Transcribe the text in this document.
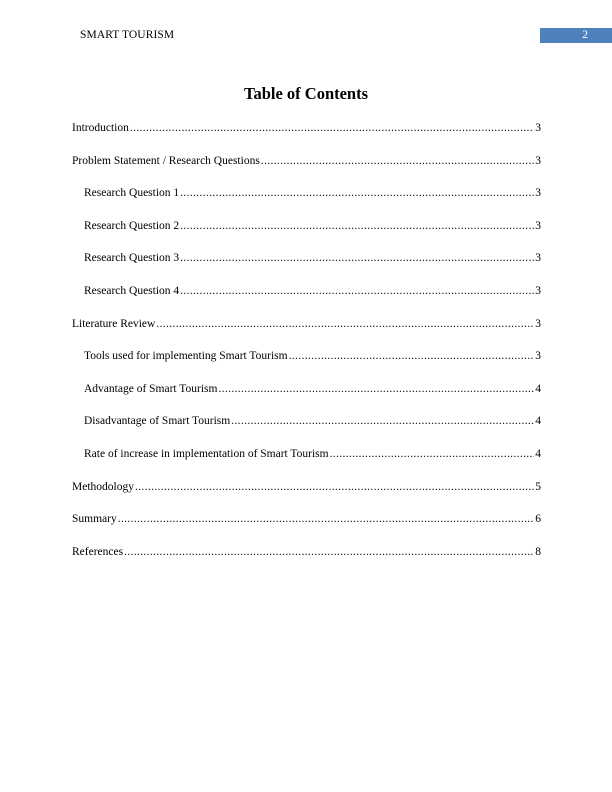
SMART TOURISM	2
Table of Contents
Introduction .....	3
Problem Statement / Research Questions .....	3
Research Question 1 .....	3
Research Question 2 .....	3
Research Question 3 .....	3
Research Question 4 .....	3
Literature Review .....	3
Tools used for implementing Smart Tourism .....	3
Advantage of Smart Tourism .....	4
Disadvantage of Smart Tourism .....	4
Rate of increase in implementation of Smart Tourism .....	4
Methodology .....	5
Summary .....	6
References .....	8
